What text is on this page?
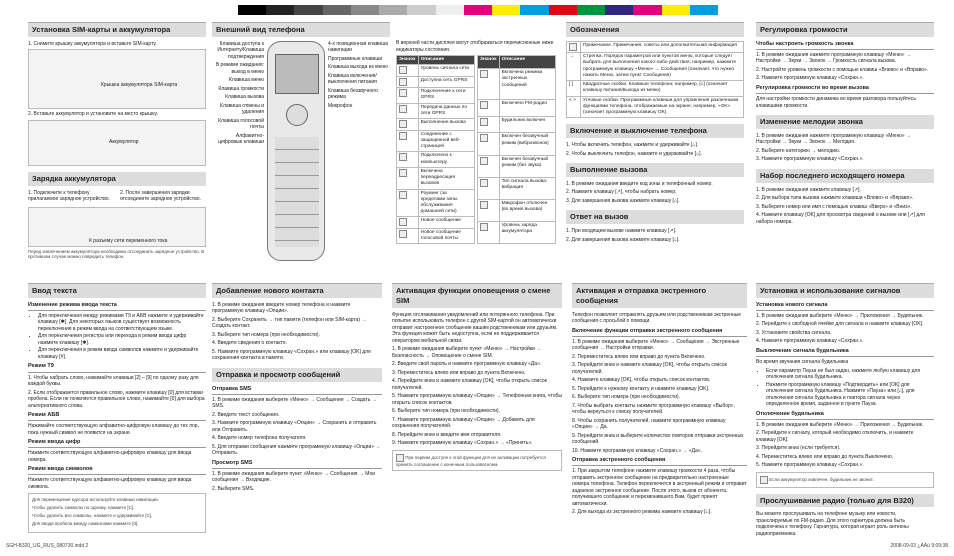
Установка SIM-карты и аккумулятора

1. Снимите крышку аккумулятора и вставьте SIM-карту.

Крышка аккумулятора SIM-карта

2. Вставьте аккумулятор и установите на место крышку.

Аккумулятор
Зарядка аккумулятора

1. Подключите к телефону прилагаемое зарядное устройство.

2. После завершения зарядки отсоедините зарядное устройство.

К разъему сети переменного тока

Перед извлечением аккумулятора необходимо отсоединить зарядное устройство. В противном случае можно повредить телефон.

Внешний вид телефона

Клавиша доступа к Интернету/Клавиша подтверждения

В режиме ожидания: выход в меню

Клавиша меню

Клавиша громкости

Клавиша вызова

Клавиша отмены и удаления

Клавиша голосовой почты

Алфавитно-цифровые клавиши

4-х позиционная клавиша навигации

Программные клавиши

Клавиша выхода из меню

Клавиша включения/выключения питания

Клавиша беззвучного режима

Микрофон

В верхней части дисплея могут отображаться перечисленные ниже индикаторы состояния.

Значок	Описание
	Уровень сигнала сети
	Доступна сеть GPRS
	Подключение к сети GPRS
	Передача данных по сети GPRS
	Выполнение вызова
	Соединение с защищенной веб-страницей
	Подключено к компьютеру
	Включена переадресация вызовов
	Роуминг (за пределами зоны обслуживания домашней сети)
	Новое сообщение
	Новое сообщение голосовой почты
Значок	Описание
	Включена режима экстренных сообщений
	Включено FM-радио
	Будильник включен
	Включен беззвучный режим (виброзвонок)
	Включен беззвучный режим (без звука)
	Тип сигнала вызова: вибрация
	Микрофон отключен (во время вызова)
	Уровень заряда аккумулятора
Обозначения
	Примечание. Примечания, советы или дополнительная информация
→	Стрелка. Порядок параметров или пунктов меню, которые следует выбрать для выполнения какого-либо действия; например, нажмите программную клавишу «Меню» → Сообщения (означает, что нужно нажать Меню, затем пункт Сообщения)
[ ]	Квадратные скобки. Клавиши телефона; например, [⌂] (означает клавишу питания/выхода из меню)
< >	Угловые скобки. Программные клавиши для управления различными функциями телефона, отображаемые на экране, например, «OK» (означает программную клавишу OK)
Включение и выключение телефона

1. Чтобы включить телефон, нажмите и удерживайте [⌂].

2. Чтобы выключить телефон, нажмите и удерживайте [⌂].

Выполнение вызова

1. В режиме ожидания введите код зоны и телефонный номер.

2. Нажмите клавишу [↗], чтобы набрать номер.

3. Для завершения вызова нажмите клавишу [⌂].

Ответ на вызов

1. При входящем вызове нажмите клавишу [↗].

2. Для завершения вызова нажмите клавишу [⌂].

Регулировка громкости
Чтобы настроить громкость звонка

1. В режиме ожидания нажмите программную клавишу «Меню» → Настройки → Звуки → Звонок → Громкость сигнала вызова.

2. Настройте уровень громкости с помощью клавиш «Влево» и «Вправо».

3. Нажмите программную клавишу «Сохран.».

Регулировка громкости во время вызова

Для настройки громкости динамика во время разговора пользуйтесь клавишами громкости.

Изменение мелодии звонка

1. В режиме ожидания нажмите программную клавишу «Меню» → Настройки → Звуки → Звонок → Мелодия.

2. Выберите категорию → мелодию.

3. Нажмите программную клавишу «Сохран.».

Набор последнего исходящего номера

1. В режиме ожидания нажмите клавишу [↗].

2. Для выбора типа вызова нажмите клавиши «Влево» и «Вправо».

3. Выберите номер или имя с помощью клавиш «Вверх» и «Вниз».

4. Нажмите клавишу [OK] для просмотра сведений о вызове или [↗] для набора номера.

Ввод текста
Изменение режима ввода текста
• Для переключения между режимами T9 и АБВ нажмите и удерживайте клавишу [✱]. Для некоторых языков существует возможность переключения в режим ввода на соответствующем языке.
• Для переключения регистра или перехода в режим ввода цифр нажмите клавишу [✱].
• Для переключения в режим ввода символов нажмите и удерживайте клавишу [#].
Режим T9

1. Чтобы набрать слово, нажимайте клавиши [2] – [9] по одному разу для каждой буквы.

2. Если отображается правильное слово, нажмите клавишу [0] для вставки пробела. Если не появляется правильное слово, нажимайте [0] для выбора альтернативного слова.

Режим АБВ

Нажимайте соответствующую алфавитно-цифровую клавишу до тех пор, пока нужный символ не появится на экране.

Режим ввода цифр

Нажмите соответствующую алфавитно-цифровую клавишу для ввода номера.

Режим ввода символов

Нажмите соответствующую алфавитно-цифровую клавишу для ввода символа.

Для перемещения курсора используйте клавиши навигации.

Чтобы удалить символы по одному, нажмите [C].

Чтобы удалить все символы, нажмите и удерживайте [C].

Для ввода пробела между символами нажмите [0].

Добавление нового контакта

1. В режиме ожидания введите номер телефона и нажмите программную клавишу «Опции».

2. Выберите Сохранить → тип памяти (телефон или SIM-карта) → Создать контакт.

3. Выберите тип номера (при необходимости).

4. Введите сведения о контакте.

5. Нажмите программную клавишу «Сохран.» или клавишу [OK] для сохранения контакта в памяти.

Отправка и просмотр сообщений
Отправка SMS

1. В режиме ожидания выберите «Меню» → Сообщения → Создать → SMS.

2. Введите текст сообщения.

3. Нажмите программную клавишу «Опции» → Сохранить и отправить или Отправить.

4. Введите номер телефона получателя.

5. Для отправки сообщения нажмите программную клавишу «Опции» → Отправить.

Просмотр SMS

1. В режиме ожидания выберите пункт «Меню» → Сообщения → Мои сообщения → Входящие.

2. Выберите SMS.

Активация функции оповещения о смене SIM

Функция отслеживания уведомлений или потерянного телефона. При попытке использовать телефон с другой SIM-картой он автоматически отправит настроенное сообщение вашим родственникам или друзьям. Эта функция может быть недоступна, если не поддерживается оператором мобильной связи.

1. В режиме ожидания выберите пункт «Меню» → Настройки → Безопасность → Оповещение о смене SIM.

2. Введите свой пароль и нажмите программную клавишу «Да».

3. Переместитесь влево или вправо до пункта Включено.

4. Перейдите вниз и нажмите клавишу [OK], чтобы открыть список получателей.

5. Нажмите программную клавишу «Опции» → Телефонная книга, чтобы открыть список контактов.

6. Выберите тип номера (при необходимости).

7. Нажмите программную клавишу «Опции» → Добавить для сохранения получателей.

8. Перейдите вниз и введите имя отправителя.

9. Нажмите программную клавишу «Сохран.» → «Принять».

При первом доступе к этой функции для ее активации потребуется принять соглашение с конечным пользователем.
Активация и отправка экстренного сообщения

Телефон позволяет отправлять друзьям или родственникам экстренные сообщения с просьбой о помощи.

Включение функции отправки экстренного сообщения

1. В режиме ожидания выберите «Меню» → Сообщения → Экстренные сообщения → Настройки отправки.

2. Переместитесь влево или вправо до пункта Включено.

3. Перейдите вниз и нажмите клавишу [OK], чтобы открыть список получателей.

4. Нажмите клавишу [OK], чтобы открыть список контактов.

5. Перейдите к нужному контакту и нажмите клавишу [OK].

6. Выберите тип номера (при необходимости).

7. Чтобы выбрать контакты нажмите программную клавишу «Выбор», чтобы вернуться к списку получателей.

8. Чтобы сохранить получателей, нажмите программную клавишу «Опции» → Да.

9. Перейдите вниз и выберите количество повторов отправки экстренных сообщений.

10. Нажмите программную клавишу «Сохран.» → «Да».

Отправка экстренного сообщения

1. При закрытом телефоне нажмите клавишу громкости 4 раза, чтобы отправить экстренное сообщение на предварительно настроенные номера телефона. Телефон переключится в экстренный режим и отправит заданное экстренное сообщение. После этого, вызов от абонента, получившего сообщение и перезвонившего Вам, будет принят автоматически.

2. Для выхода из экстренного режима нажмите клавишу [⌂].

Установка и использование сигналов
Установка нового сигнала

1. В режиме ожидания выберите «Меню» → Приложения → Будильник.

2. Перейдите к свободной ячейке для сигнала и нажмите клавишу [OK].

3. Установите свойства сигнала.

4. Нажмите программную клавишу «Сохран.».

Выключение сигнала будильника

Во время звучания сигнала будильника

• Если параметр Пауза не был задан, нажмите любую клавишу для отключения сигнала будильника.
• Нажмите программную клавишу «Подтвердить» или [OK] для отключения сигнала будильника. Нажмите «Пауза» или [⌂], для отключения сигнала будильника и повтора сигнала через определенное время, заданное в пункте Пауза.
Отключение будильника

1. В режиме ожидания выберите «Меню» → Приложения → Будильник.

2. Перейдите к сигналу, который необходимо отключить, и нажмите клавишу [OK].

3. Перейдите вниз (если требуется).

4. Переместитесь влево или вправо до пункта Выключено.

5. Нажмите программную клавишу «Сохран.».

Если аккумулятор извлечен, будильник не звонит.
Прослушивание радио (только для B320)

Вы можете прослушивать на телефоне музыку или новости, транслируемые по FM-радио. Для этого гарнитура должна быть подключена к телефону. Гарнитура, которая играет роль антенны радиоприемника.

SGH-B320_UG_RUS_080730.indd 2	2008-09-03 ¿ÀÀü 9:09:38
